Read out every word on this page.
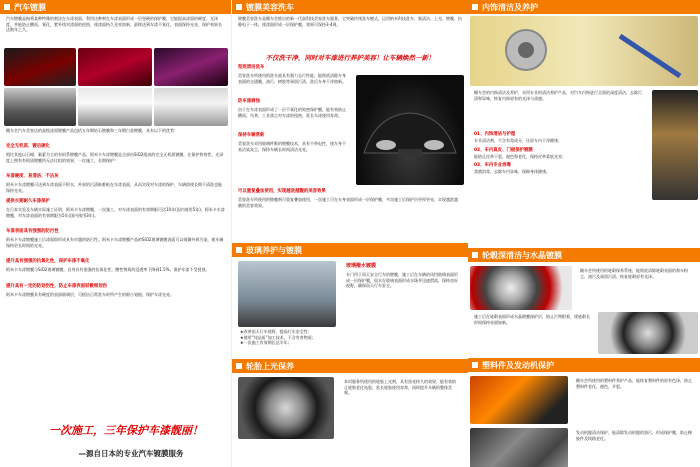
汽车镀膜
汽车镀膜是指将某种特殊的剂涂在车漆表面，利用这种剂在车漆表面形成一层坚硬的保护膜，它能提高漆面的硬度、光泽度，并能防止酸雨、氧化、紫外线对漆面的侵蚀，使漆面持久光亮如新，最终达到车漆不氧化、表面保持光亮、保护效果长达数年之久。
概车会汽车美容店的高级漆面镀膜产品包括五年期钻石镀膜和三年期白金镀膜，具有以下的优势：
完全无机质、镀后硬化
相比其他以石蜡、氟素为主的有机系镀膜产品，阿米卡车漆镀膜是全部由SiO2组成的完全无机质镀膜，在保护持效性、光泽度上拥有有机质镀膜所无法比拟的效果，一次施工，长期保护！
车漆硬度、易清洁、不沾灰
阿米卡车漆镀膜可达到车漆表面不积水，外界的污渍极难粘在车漆表面，从而实现对车漆的保护，车辆即使长期不清洗也能保持光亮。
提供长期耐久车漆保护
在日本实验及车辆实际施工证明，阿米卡车漆镀膜，一次施工，对车漆表面的有效期限可达10年(国内使用5年)。阿米卡车漆镀膜，对车漆表面的有效期限为5年(国内使用3年)。
车漆表面具有强强的防污性
阿米卡车漆镀膜施工后漆面即形成具有卓越的防污性。阿米卡车漆镀膜产品的SiO2玻璃镀膜表面可以抵御外界污染，使车辆保持更长时间的光亮。
提升具有强强的抗氧化性，保护车漆不氧化
阿米卡车漆镀膜与SiO2玻璃镀膜，自身具有很强的抗氧化性，酸性物质的浸透率下降到1.5%，保护车漆不受侵蚀。
提升具有一定的防划伤性，防止车漆表面轻微细划伤
阿米卡车漆镀膜具有硬度的表面玻璃层，可抵抗日常洗车时所产生的细小划痕，保护车漆光亮。
一次施工，三年保护车漆靓丽！
—源自日本的专业汽车镀膜服务
镀膜美容洗车
镀膜美容洗车是概车会推出的新一代高科技美容洗车服务，它突破传统洗车模式，运用纳米科技洗车，集清洁、上光、镀膜、抗静电于一体，使漆面形成一层保护膜，效果可保持3-4周。
不仅洗干净，同时对车漆进行养护美容！让车辆焕然一新！
彻底清洁洗车
美容洗车所使用的洗车液具有强力去污性能，能彻底清除车身表面的交通膜、油污、树胶等顽固污渍，洗后车身干净如新。
防车漆腐蚀
由于在车漆表面形成了一层不氧化的致密保护膜，能有效防止酸雨、鸟粪、工业落尘对车漆的侵蚀，延长车漆使用寿命。
保持车辆常新
美容洗车采用玻璃纤维的镀膜技术，具有不带电性，使车身不易沾染灰尘，保持车辆长时间清洁光亮。
可以重复叠加使用，实现越洗越靓的美容效果
美容洗车所使用的镀膜剂可重复叠加使用，一次施工可在车身表面形成一层保护膜，多次施工后保护层更厚更亮，实现越洗越靓的美容效果。
玻璃养护与镀膜
玻璃撥水镀膜
专门用于雨天安全行车的镀膜，施工后在车辆的风挡玻璃表面形成一层保护膜，雨水在玻璃表面形成水珠并迅速滑落，保持良好视野，确保雨天行车安全。
★改善雨天行车视野，提高行车安全性；
★使用“纯品质”加工技术，不含有害物质；
★一次施工有效期长达半年；
轮胎上光保养
本项服务所使用的轮胎上光剂，具有黑亮持久的效果，能有效防止轮胎老化龟裂，延长轮胎使用寿命，同时提升车辆的整体美观。
内饰清洁及养护
概车会的内饰清洁及养护，采用专业的清洁养护产品，对汽车内饰进行全面的深度清洁，去除污渍和异味，恢复内饰原有的光泽与质感。
01、内饰清洁与护理
专业清洁剂，不含有毒成分，还原车内干净健康；
02、车内真皮、门板保护镀膜
能防止皮革干裂、褪色和老化，保持皮革柔软光亮；
03、车内专业消毒
杀菌消毒，去除车内异味，保障身体健康。
轮毂深清洁与水晶镀膜
概车会所使用的轮毂保养系统，能彻底清除轮毂表面的刹车粉尘、油污及顽固污渍，恢复轮毂原有光泽。
施工后在轮毂表面形成水晶镀膜保护层，防止污物附着，使轮毂长时间保持亮丽如新。
塑料件及发动机保护
概车会所使用的塑料件养护产品，能恢复塑料件的原有色泽，防止塑料件老化、褪色、开裂。
发动机舱清洁保护，能清除发动机舱的油污，形成保护膜，防止橡胶件及线路老化。
